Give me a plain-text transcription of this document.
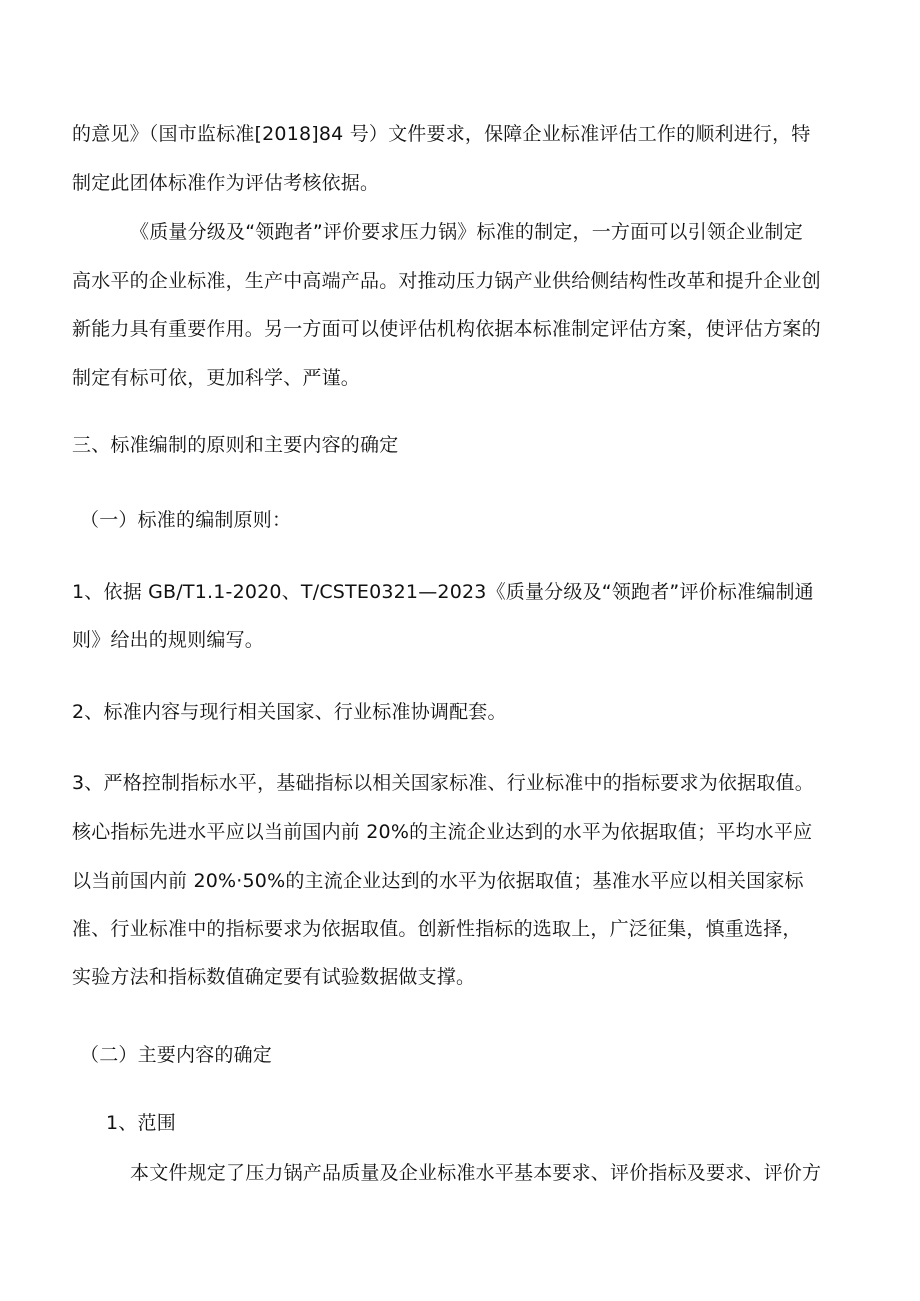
的意见》（国市监标准[2018]84 号）文件要求，保障企业标准评估工作的顺利进行，特
制定此团体标准作为评估考核依据。
《质量分级及“领跑者”评价要求压力锅》标准的制定，一方面可以引领企业制定
高水平的企业标准，生产中高端产品。对推动压力锅产业供给侧结构性改革和提升企业创
新能力具有重要作用。另一方面可以使评估机构依据本标准制定评估方案，使评估方案的
制定有标可依，更加科学、严谨。
三、标准编制的原则和主要内容的确定
（一）标准的编制原则：
1、依据 GB/T1.1-2020、T/CSTE0321—2023《质量分级及“领跑者”评价标准编制通
则》给出的规则编写。
2、标准内容与现行相关国家、行业标准协调配套。
3、严格控制指标水平，基础指标以相关国家标准、行业标准中的指标要求为依据取值。
核心指标先进水平应以当前国内前 20%的主流企业达到的水平为依据取值；平均水平应
以当前国内前 20%·50%的主流企业达到的水平为依据取值；基准水平应以相关国家标
准、行业标准中的指标要求为依据取值。创新性指标的选取上，广泛征集，慎重选择，
实验方法和指标数值确定要有试验数据做支撑。
（二）主要内容的确定
1、范围
本文件规定了压力锅产品质量及企业标准水平基本要求、评价指标及要求、评价方
